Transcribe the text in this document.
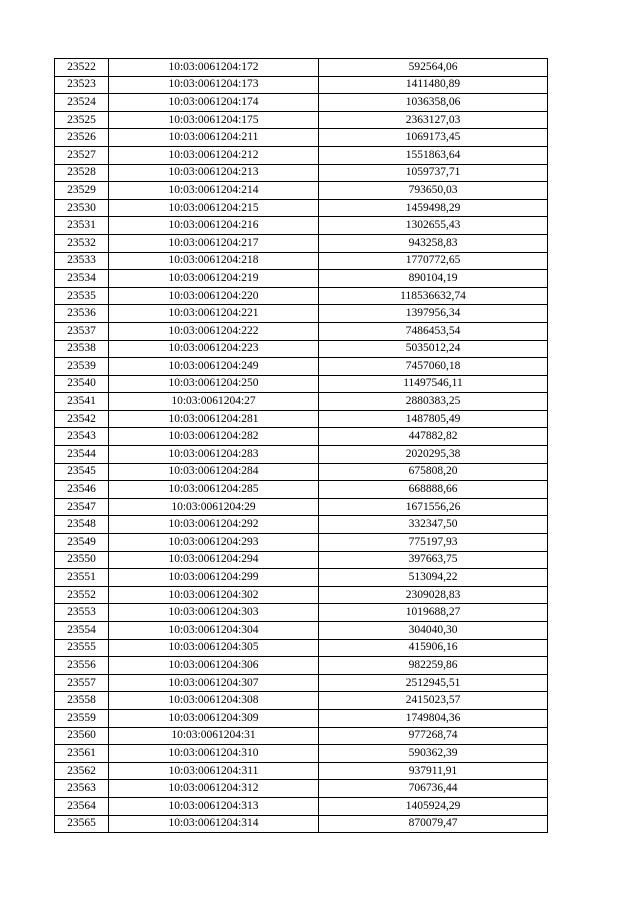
23522	10:03:0061204:172	592564,06
23523	10:03:0061204:173	1411480,89
23524	10:03:0061204:174	1036358,06
23525	10:03:0061204:175	2363127,03
23526	10:03:0061204:211	1069173,45
23527	10:03:0061204:212	1551863,64
23528	10:03:0061204:213	1059737,71
23529	10:03:0061204:214	793650,03
23530	10:03:0061204:215	1459498,29
23531	10:03:0061204:216	1302655,43
23532	10:03:0061204:217	943258,83
23533	10:03:0061204:218	1770772,65
23534	10:03:0061204:219	890104,19
23535	10:03:0061204:220	118536632,74
23536	10:03:0061204:221	1397956,34
23537	10:03:0061204:222	7486453,54
23538	10:03:0061204:223	5035012,24
23539	10:03:0061204:249	7457060,18
23540	10:03:0061204:250	11497546,11
23541	10:03:0061204:27	2880383,25
23542	10:03:0061204:281	1487805,49
23543	10:03:0061204:282	447882,82
23544	10:03:0061204:283	2020295,38
23545	10:03:0061204:284	675808,20
23546	10:03:0061204:285	668888,66
23547	10:03:0061204:29	1671556,26
23548	10:03:0061204:292	332347,50
23549	10:03:0061204:293	775197,93
23550	10:03:0061204:294	397663,75
23551	10:03:0061204:299	513094,22
23552	10:03:0061204:302	2309028,83
23553	10:03:0061204:303	1019688,27
23554	10:03:0061204:304	304040,30
23555	10:03:0061204:305	415906,16
23556	10:03:0061204:306	982259,86
23557	10:03:0061204:307	2512945,51
23558	10:03:0061204:308	2415023,57
23559	10:03:0061204:309	1749804,36
23560	10:03:0061204:31	977268,74
23561	10:03:0061204:310	590362,39
23562	10:03:0061204:311	937911,91
23563	10:03:0061204:312	706736,44
23564	10:03:0061204:313	1405924,29
23565	10:03:0061204:314	870079,47
